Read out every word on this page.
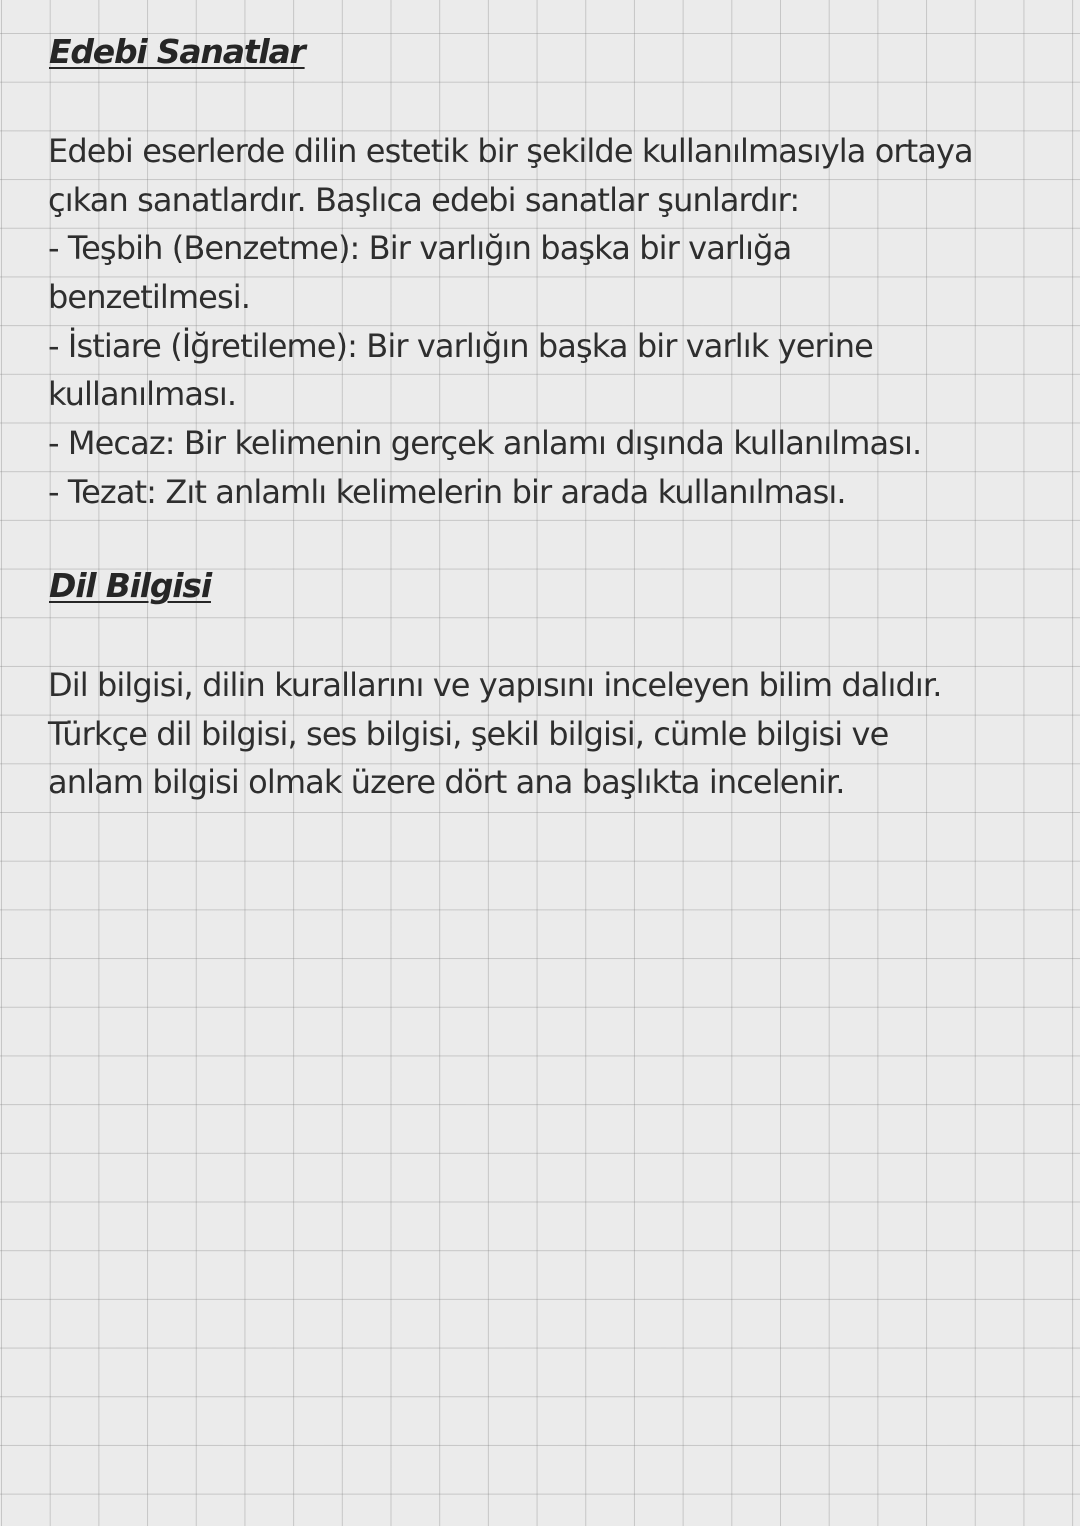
Edebi Sanatlar
Edebi eserlerde dilin estetik bir şekilde kullanılmasıyla ortaya
çıkan sanatlardır. Başlıca edebi sanatlar şunlardır:
- Teşbih (Benzetme): Bir varlığın başka bir varlığa
benzetilmesi.
- İstiare (İğretileme): Bir varlığın başka bir varlık yerine
kullanılması.
- Mecaz: Bir kelimenin gerçek anlamı dışında kullanılması.
- Tezat: Zıt anlamlı kelimelerin bir arada kullanılması.
Dil Bilgisi
Dil bilgisi, dilin kurallarını ve yapısını inceleyen bilim dalıdır.
Türkçe dil bilgisi, ses bilgisi, şekil bilgisi, cümle bilgisi ve
anlam bilgisi olmak üzere dört ana başlıkta incelenir.
